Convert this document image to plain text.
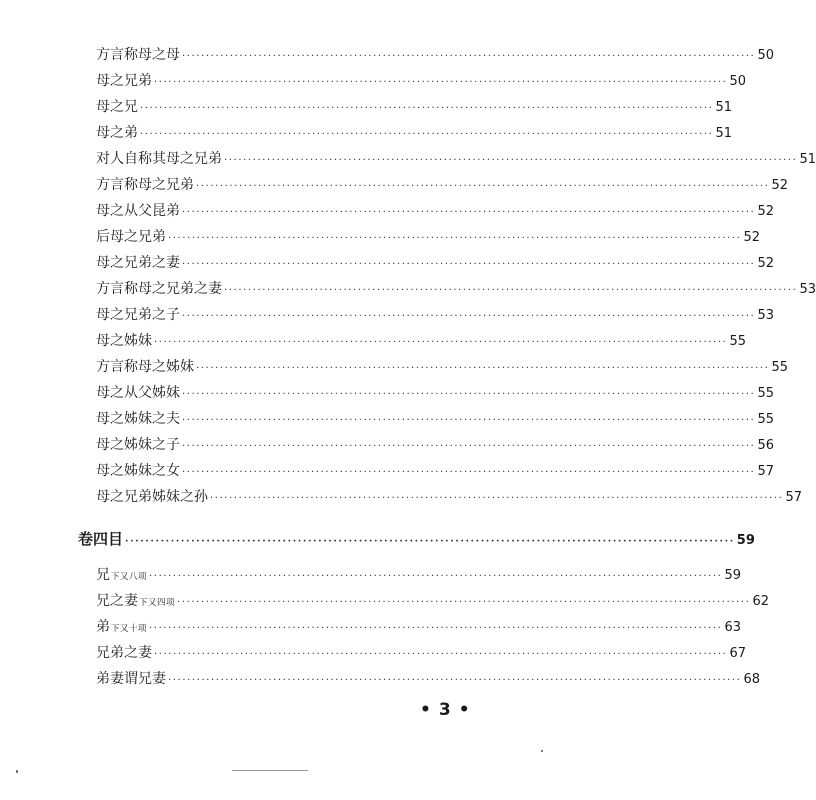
方言称母之母 ························································································································ 50
母之兄弟 ························································································································ 50
母之兄 ························································································································ 51
母之弟 ························································································································ 51
对人自称其母之兄弟 ························································································································ 51
方言称母之兄弟 ························································································································ 52
母之从父昆弟 ························································································································ 52
后母之兄弟 ························································································································ 52
母之兄弟之妻 ························································································································ 52
方言称母之兄弟之妻 ························································································································ 53
母之兄弟之子 ························································································································ 53
母之姊妹 ························································································································ 55
方言称母之姊妹 ························································································································ 55
母之从父姊妹 ························································································································ 55
母之姊妹之夫 ························································································································ 55
母之姊妹之子 ························································································································ 56
母之姊妹之女 ························································································································ 57
母之兄弟姊妹之孙 ························································································································ 57
卷四目 ························································································································ 59
兄 下又八项 ························································································································ 59
兄之妻 下又四项 ························································································································ 62
弟 下又十项 ························································································································ 63
兄弟之妻 ························································································································ 67
弟妻谓兄妻 ························································································································ 68
•3•
